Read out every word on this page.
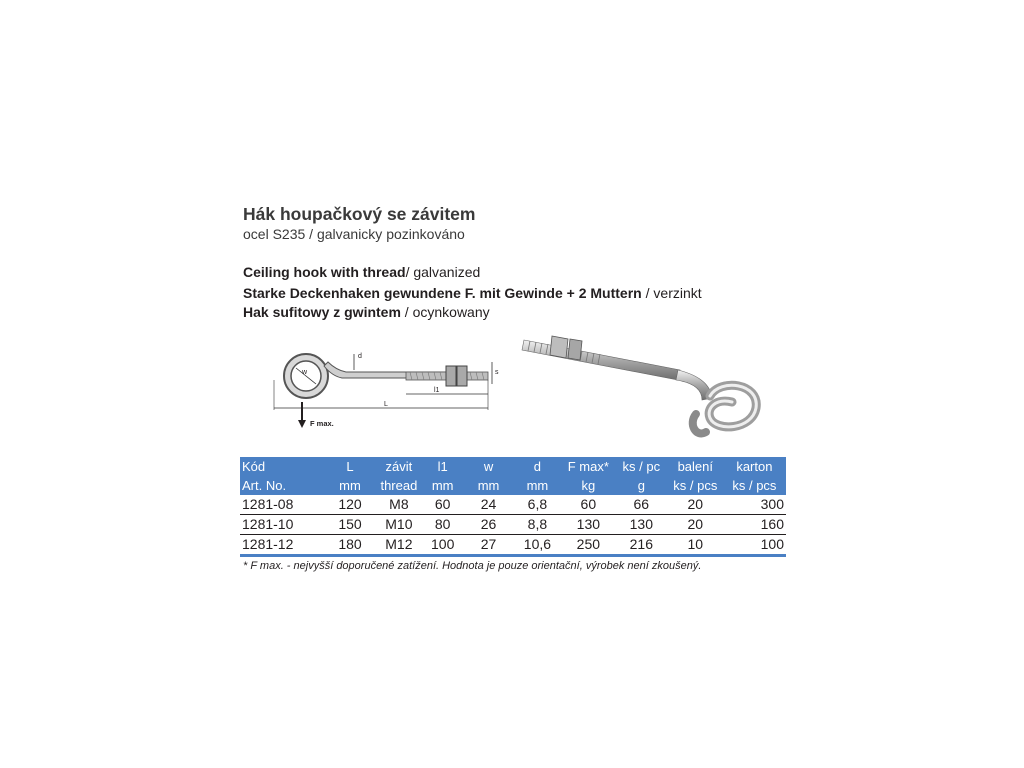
Hák houpačkový se závitem
ocel S235 / galvanicky pozinkováno
Ceiling hook with thread/ galvanized
Starke Deckenhaken gewundene F. mit Gewinde + 2 Muttern / verzinkt
Hak sufitowy z gwintem / ocynkowany
w
d
s
l1
L
F max.
Kód	L	závit	l1	w	d	F max*	ks / pc	balení	karton
Art. No.	mm	thread	mm	mm	mm	kg	g	ks / pcs	ks / pcs
1281-08	120	M8	60	24	6,8	60	66	20	300
1281-10	150	M10	80	26	8,8	130	130	20	160
1281-12	180	M12	100	27	10,6	250	216	10	100
* F max. - nejvyšší doporučené zatížení. Hodnota je pouze orientační, výrobek není zkoušený.
